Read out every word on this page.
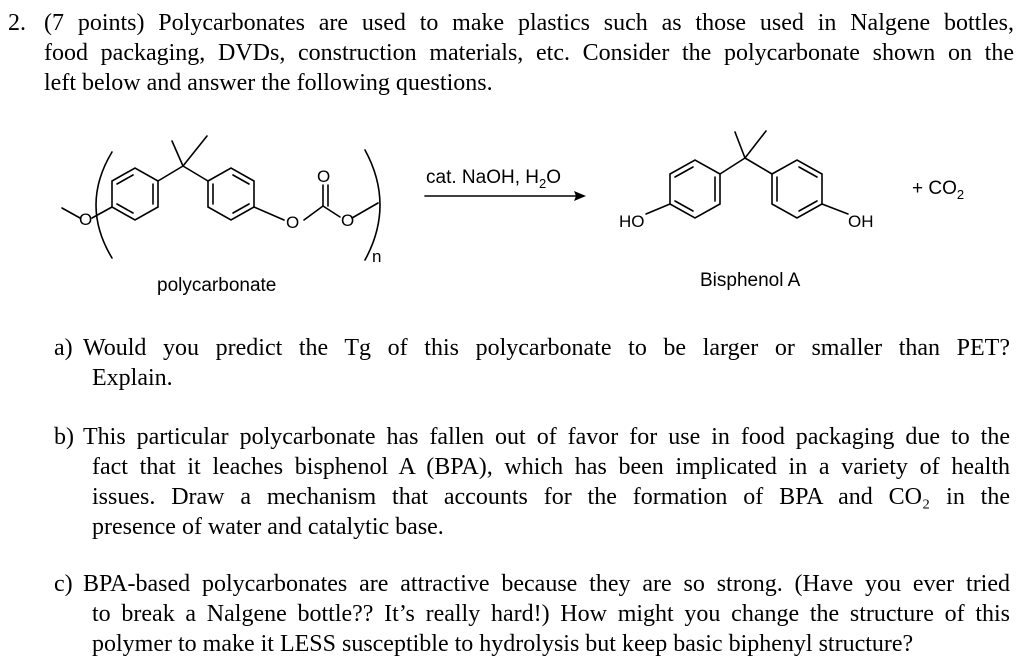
2. (7 points) Polycarbonates are used to make plastics such as those used in Nalgene bottles,
food packaging, DVDs, construction materials, etc. Consider the polycarbonate shown on the
left below and answer the following questions.
O	O O
O
n
HO	OH
cat. NaOH, $H_2O$
+ $CO_2$
polycarbonate	Bisphenol A
a) Would you predict the Tg of this polycarbonate to be larger or smaller than PET?
Explain.
b) This particular polycarbonate has fallen out of favor for use in food packaging due to the
fact that it leaches bisphenol A (BPA), which has been implicated in a variety of health
issues. Draw a mechanism that accounts for the formation of BPA and CO₂ in the
presence of water and catalytic base.
c) BPA-based polycarbonates are attractive because they are so strong. (Have you ever tried
to break a Nalgene bottle?? It’s really hard!) How might you change the structure of this
polymer to make it LESS susceptible to hydrolysis but keep basic biphenyl structure?
